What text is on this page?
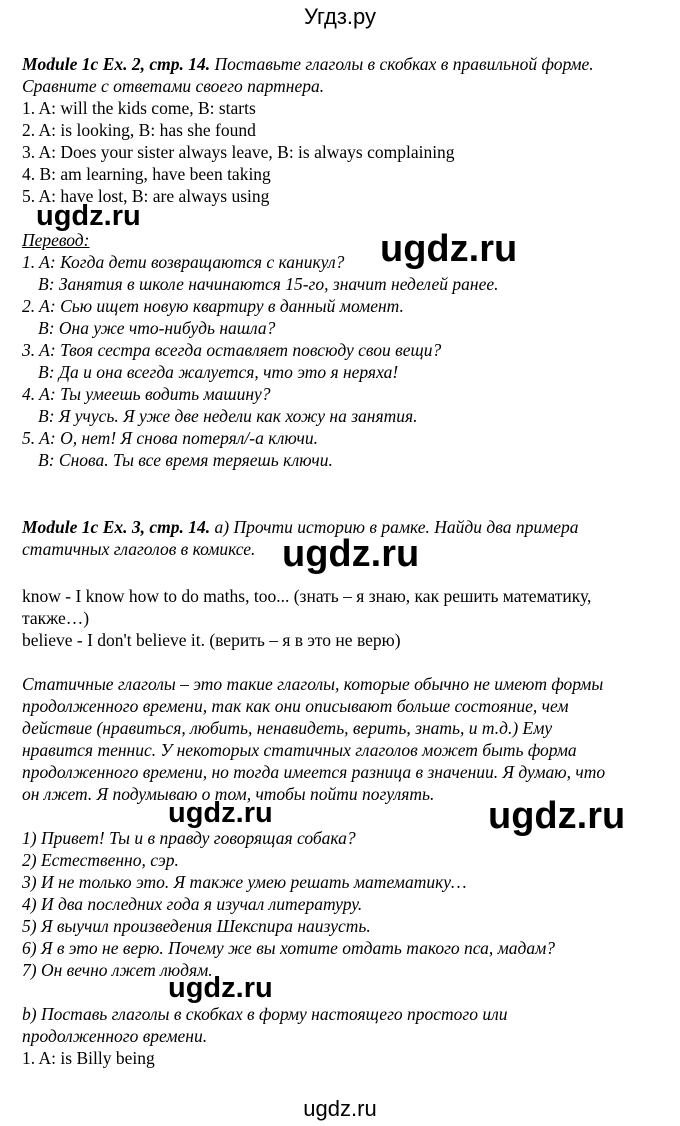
Угдз.ру
Module 1c Ex. 2, стр. 14. Поставьте глаголы в скобках в правильной форме.
Сравните с ответами своего партнера.
1. A: will the kids come, B: starts
2. A: is looking, B: has she found
3. A: Does your sister always leave, B: is always complaining
4. B: am learning, have been taking
5. A: have lost, B: are always using
ugdz.ru
Перевод:
1. A: Когда дети возвращаются с каникул?
B: Занятия в школе начинаются 15-го, значит неделей ранее.
2. A: Сью ищет новую квартиру в данный момент.
B: Она уже что-нибудь нашла?
3. A: Твоя сестра всегда оставляет повсюду свои вещи?
B: Да и она всегда жалуется, что это я неряха!
4. A: Ты умеешь водить машину?
B: Я учусь. Я уже две недели как хожу на занятия.
5. A: О, нет! Я снова потерял/-а ключи.
B: Снова. Ты все время теряешь ключи.
ugdz.ru
Module 1c Ex. 3, стр. 14. a) Прочти историю в рамке. Найди два примера
статичных глаголов в комиксе. ugdz.ru
know - I know how to do maths, too... (знать – я знаю, как решить математику,
также…)
believe - I don't believe it. (верить – я в это не верю)
Статичные глаголы – это такие глаголы, которые обычно не имеют формы
продолженного времени, так как они описывают больше состояние, чем
действие (нравиться, любить, ненавидеть, верить, знать, и т.д.) Ему
нравится теннис. У некоторых статичных глаголов может быть форма
продолженного времени, но тогда имеется разница в значении. Я думаю, что
он лжет. Я подумываю о том, чтобы пойти погулять.
ugdz.ru	ugdz.ru
1) Привет! Ты и в правду говорящая собака?
2) Естественно, сэр.
3) И не только это. Я также умею решать математику…
4) И два последних года я изучал литературу.
5) Я выучил произведения Шекспира наизусть.
6) Я в это не верю. Почему же вы хотите отдать такого пса, мадам?
7) Он вечно лжет людям.
ugdz.ru
b) Поставь глаголы в скобках в форму настоящего простого или
продолженного времени.
1. A: is Billy being
ugdz.ru
